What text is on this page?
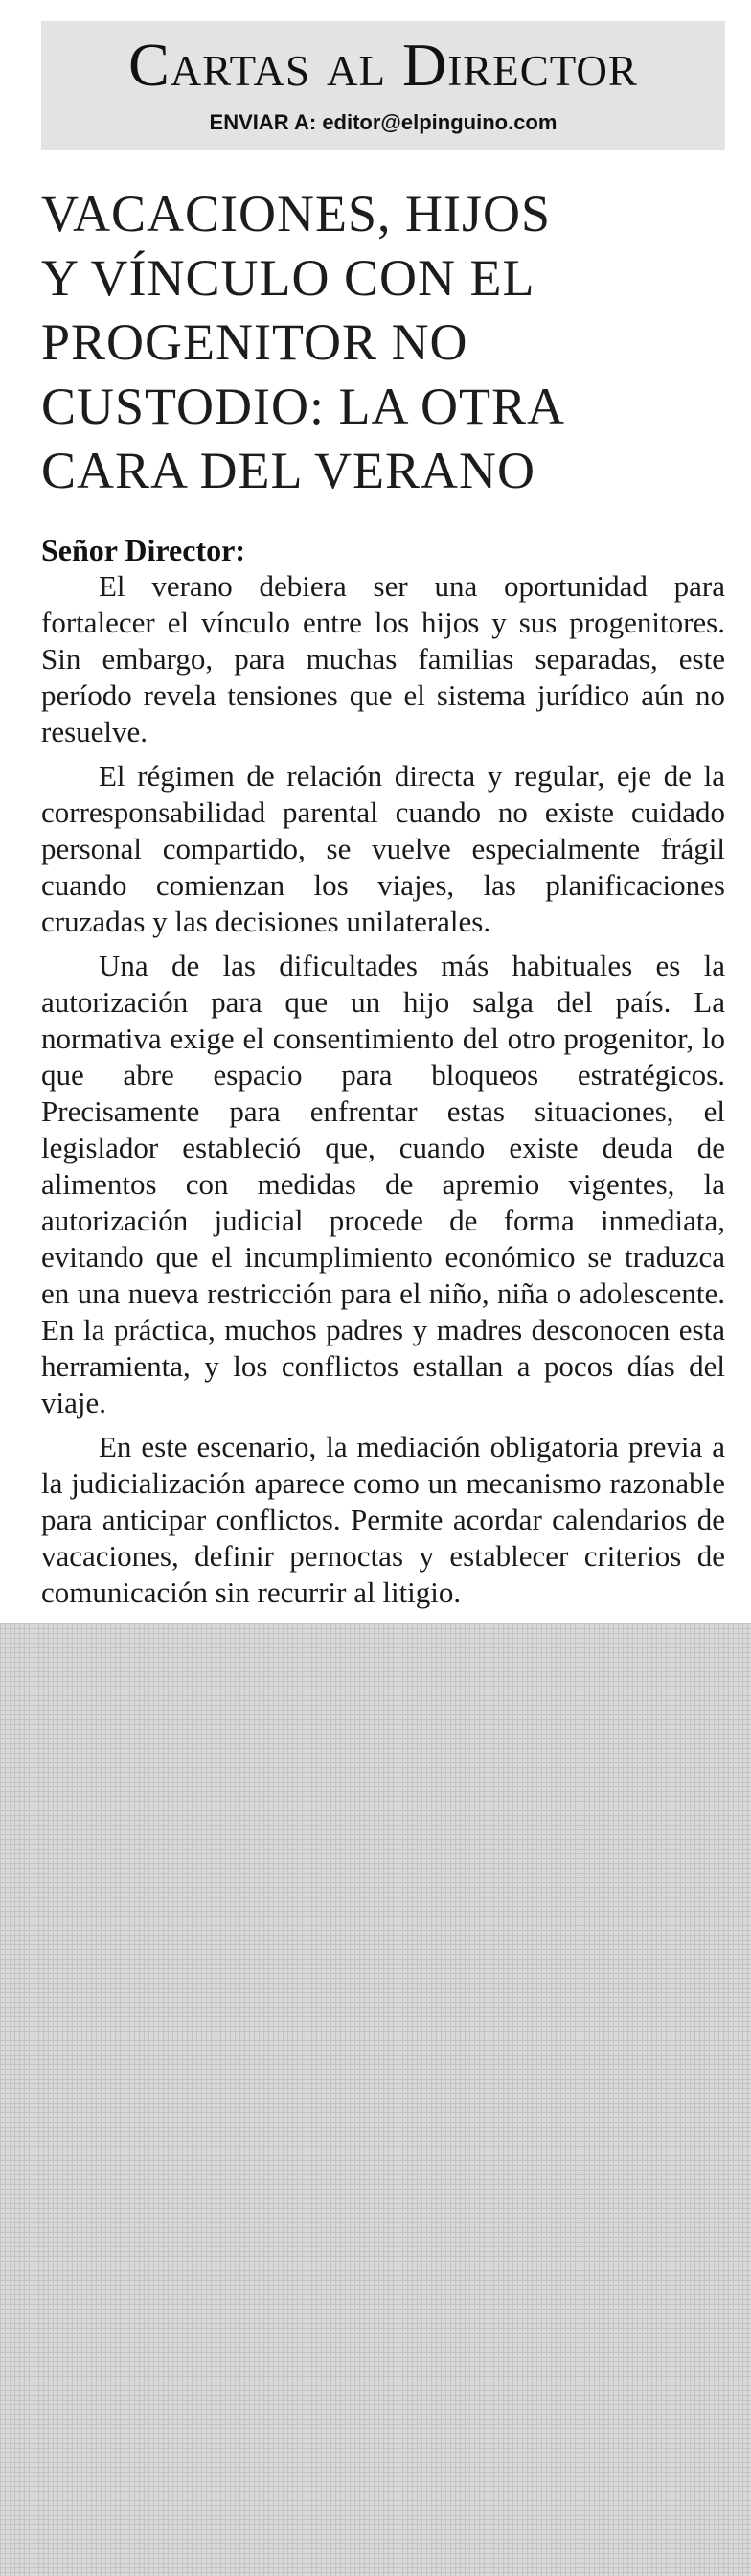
Cartas al Director
ENVIAR A: editor@elpinguino.com
VACACIONES, HIJOS
Y VÍNCULO CON EL
PROGENITOR NO
CUSTODIO: LA OTRA
CARA DEL VERANO
Señor Director:

El verano debiera ser una oportunidad para fortalecer el vínculo entre los hijos y sus progenitores. Sin embargo, para muchas familias separadas, este período revela tensiones que el sistema jurídico aún no resuelve.

El régimen de relación directa y regular, eje de la corresponsabilidad parental cuando no existe cuidado personal compartido, se vuelve especialmente frágil cuando comienzan los viajes, las planificaciones cruzadas y las decisiones unilaterales.

Una de las dificultades más habituales es la autorización para que un hijo salga del país. La normativa exige el consentimiento del otro progenitor, lo que abre espacio para bloqueos estratégicos. Precisamente para enfrentar estas situaciones, el legislador estableció que, cuando existe deuda de alimentos con medidas de apremio vigentes, la autorización judicial procede de forma inmediata, evitando que el incumplimiento económico se traduzca en una nueva restricción para el niño, niña o adolescente. En la práctica, muchos padres y madres desconocen esta herramienta, y los conflictos estallan a pocos días del viaje.

En este escenario, la mediación obligatoria previa a la judicialización aparece como un mecanismo razonable para anticipar conflictos. Permite acordar calendarios de vacaciones, definir pernoctas y establecer criterios de comunicación sin recurrir al litigio.
